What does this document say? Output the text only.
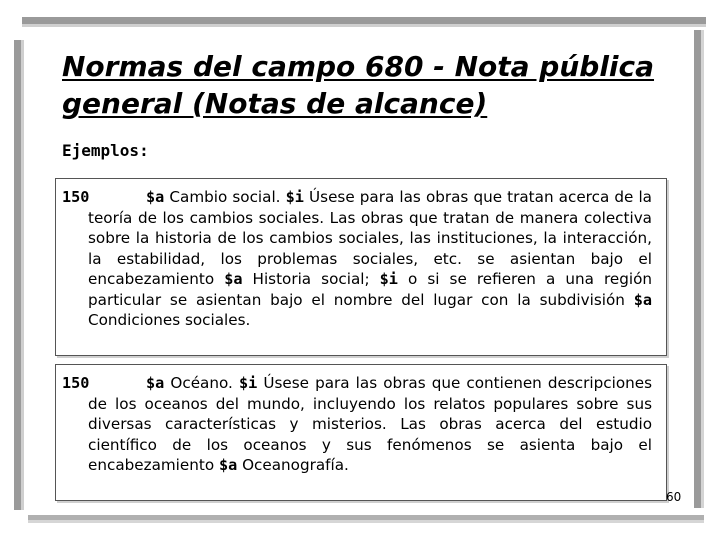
Normas del campo 680 - Nota pública general (Notas de alcance)

Ejemplos:

150	$a Cambio social. $i Úsese para las obras que tratan acerca de la teoría de los cambios sociales. Las obras que tratan de manera colectiva sobre la historia de los cambios sociales, las instituciones, la interacción, la estabilidad, los problemas sociales, etc. se asientan bajo el encabezamiento $a Historia social; $i o si se refieren a una región particular se asientan bajo el nombre del lugar con la subdivisión $a Condiciones sociales.

150	$a Océano. $i Úsese para las obras que contienen descripciones de los oceanos del mundo, incluyendo los relatos populares sobre sus diversas características y misterios. Las obras acerca del estudio científico de los oceanos y sus fenómenos se asienta bajo el encabezamiento $a Oceanografía.

60
